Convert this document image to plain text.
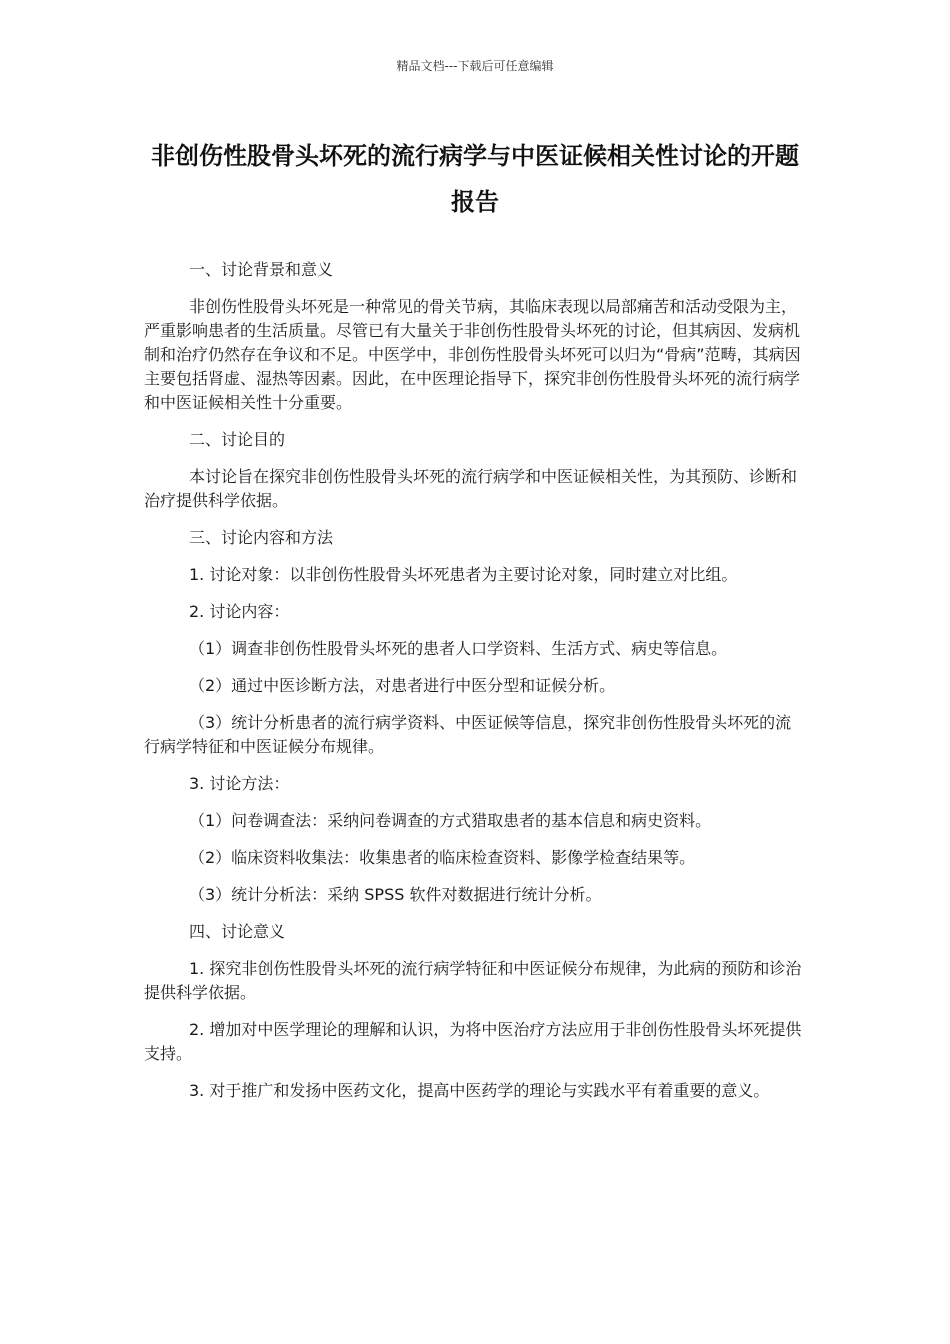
精品文档---下载后可任意编辑
非创伤性股骨头坏死的流行病学与中医证候相关性讨论的开题报告

一、讨论背景和意义

非创伤性股骨头坏死是一种常见的骨关节病，其临床表现以局部痛苦和活动受限为主，严重影响患者的生活质量。尽管已有大量关于非创伤性股骨头坏死的讨论，但其病因、发病机制和治疗仍然存在争议和不足。中医学中，非创伤性股骨头坏死可以归为“骨病”范畴，其病因主要包括肾虚、湿热等因素。因此，在中医理论指导下，探究非创伤性股骨头坏死的流行病学和中医证候相关性十分重要。

二、讨论目的

本讨论旨在探究非创伤性股骨头坏死的流行病学和中医证候相关性，为其预防、诊断和治疗提供科学依据。

三、讨论内容和方法

1. 讨论对象：以非创伤性股骨头坏死患者为主要讨论对象，同时建立对比组。

2. 讨论内容：

（1）调查非创伤性股骨头坏死的患者人口学资料、生活方式、病史等信息。

（2）通过中医诊断方法，对患者进行中医分型和证候分析。

（3）统计分析患者的流行病学资料、中医证候等信息，探究非创伤性股骨头坏死的流行病学特征和中医证候分布规律。

3. 讨论方法：

（1）问卷调查法：采纳问卷调查的方式猎取患者的基本信息和病史资料。

（2）临床资料收集法：收集患者的临床检查资料、影像学检查结果等。

（3）统计分析法：采纳 SPSS 软件对数据进行统计分析。

四、讨论意义

1. 探究非创伤性股骨头坏死的流行病学特征和中医证候分布规律，为此病的预防和诊治提供科学依据。

2. 增加对中医学理论的理解和认识，为将中医治疗方法应用于非创伤性股骨头坏死提供支持。

3. 对于推广和发扬中医药文化，提高中医药学的理论与实践水平有着重要的意义。
